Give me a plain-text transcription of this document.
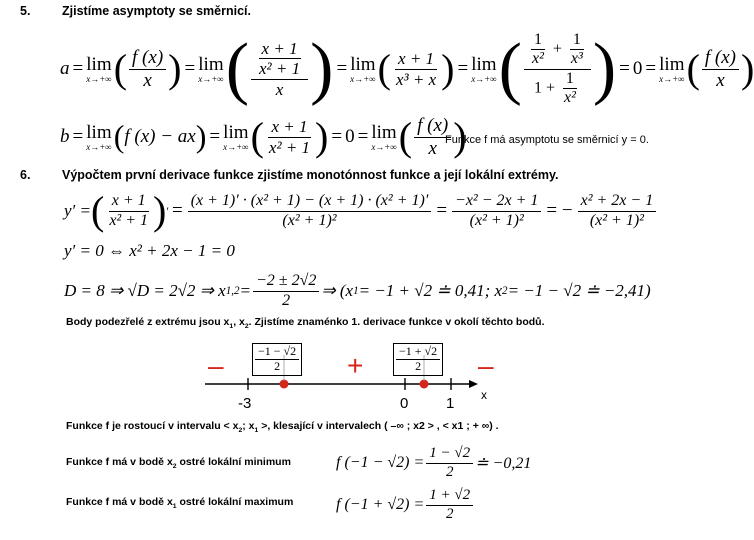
5.	Zjistíme asymptoty se směrnicí.
a = lim
x→+∞ ( $\frac{f (x)}{x}$ ) = lim
x→+∞ ( $\frac{\frac{x + 1}{\text{x² + 1}}}{x}$ ) = lim
x→+∞ ( $\frac{x + 1}{\text{x³ + x}}$ ) = lim
x→+∞ ( $\frac{\frac{1}{\text{x²}} + \frac{1}{\text{x³}}}{1 + \frac{1}{\text{x²}}}$ ) = 0 = lim
x→+∞ ( $\frac{f (x)}{x}$ )
b = lim
x→+∞ ( f (x) − ax ) = lim
x→+∞ ( $\frac{x + 1}{\text{x² + 1}}$ ) = 0 = lim
x→+∞ ( $\frac{f (x)}{x}$ )
Funkce f má asymptotu se směrnicí y = 0.
6.	Výpočtem první derivace funkce zjistíme monotónnost funkce a její lokální extrémy.
y′ = ( $\frac{x + 1}{\text{x² + 1}}$ ) ′ = $\frac{\text{(x + 1)′ · (x² + 1) − (x + 1) · (x² + 1)′}}{\text{(x² + 1)²}} = \frac{\text{−x² − 2x + 1}}{\text{(x² + 1)²}}$ = − $\frac{\text{x² + 2x − 1}}{\text{(x² + 1)²}}$
y′ = 0 ⇔ x² + 2x − 1 = 0
D = 8 ⇒ √D = 2√2 ⇒ x $1,2 = \frac{-2 \pm 2√2}{2}$ ⇒ (x 1 = −1 + √2 ≐ 0,41; x 2 = −1 − √2 ≐ −2,41)
Body podezřelé z extrému jsou $x_1$, $x_2$. Zjistíme znaménko 1. derivace funkce v okolí těchto bodů.
x
–	+	–
$\frac{-1 - √2}{2}$	$\frac{-1 + √2}{2}$
-3	0	1
Funkce f je rostoucí v intervalu < $x_2$; $x_1$ >, klesající v intervalech ( –∞ ; x2 > , < x1 ; + ∞) .
Funkce f má v bodě $x_2$ ostré lokální minimum	f $(-1 - √2) = \frac{1 - √2}{2}$ ≐ −0,21
Funkce f má v bodě $x_1$ ostré lokální maximum	f $(-1 + √2) = \frac{1 + √2}{2}$
